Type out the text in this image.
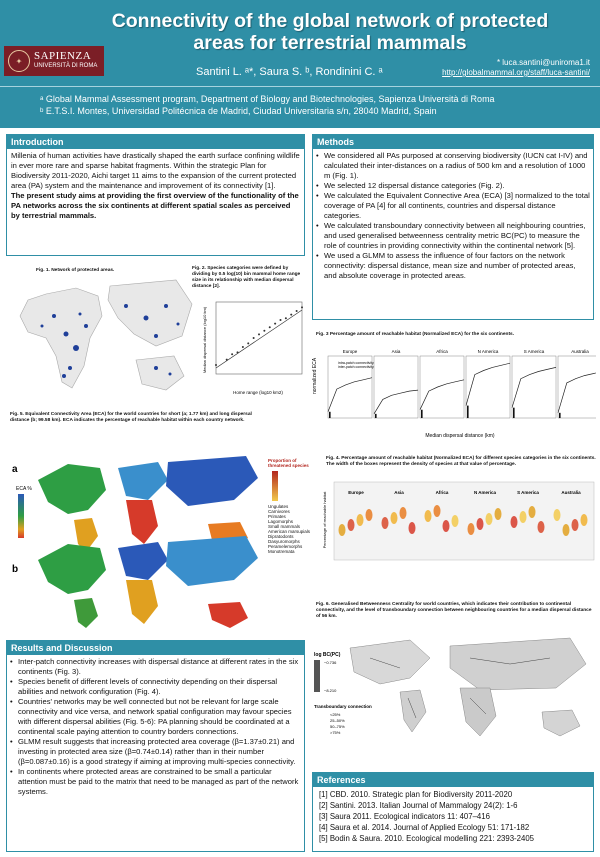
Connectivity of the global network of protected areas for terrestrial mammals
✦	SAPIENZA
UNIVERSITÀ DI ROMA	Santini L. ᵃ*, Saura S. ᵇ, Rondinini C. ᵃ
* luca.santini@uniroma1.it
http://globalmammal.org/staff/luca-santini/
ᵃ Global Mammal Assessment program, Department of Biology and Biotechnologies, Sapienza Università di Roma
ᵇ E.T.S.I. Montes, Universidad Politécnica de Madrid, Ciudad Universitaria s/n, 28040 Madrid, Spain
Introduction

Millenia of human activities have drastically shaped the earth surface confining wildlife in ever more rare and sparse habitat fragments. Within the strategic Plan for Biodiversity 2011-2020, Aichi target 11 aims to the expansion of the current protected area (PA) system and the maintenance and improvement of its connectivity [1].

The present study aims at providing the first overview of the functionality of the PA networks across the six continents at different spatial scales as perceived by terrestrial mammals.

Methods
• We considered all PAs purposed at conserving biodiversity (IUCN cat I-IV) and calculated their inter-distances on a radius of 500 km and a resolution of 1000 m (Fig. 1).
• We selected 12 dispersal distance categories (Fig. 2).
• We calculated the Equivalent Connective Area (ECA) [3] normalized to the total coverage of PA [4] for all continents, countries and dispersal distance categories.
• We calculated transboundary connectivity between all neighbouring countries, and used generalised betweenness centrality metric BC(PC) to measure the role of countries in providing connectivity within the continental network [5].
• We used a GLMM to assess the influence of four factors on the network connectivity: dispersal distance, mean size and number of protected areas, and absolute coverage in protected areas.
Fig. 1. Network of protected areas.	Fig. 2. Species categories were defined by dividing by 0.5 log(10) bin mammal home range size in its relationship with median dispersal distance [2].
Home range (log10 km2)
Median dispersal distance (log10 km)	Fig. 3 Percentage amount of reachable habitat (Normalized ECA) for the six continents.
normalized ECA
Europe	Asia	Africa	N America	S America	Australia
intra-patch connectivity
inter-patch connectivity
Median dispersal distance (km)
Fig. 5. Equivalent Connectivity Area (ECA) for the world countries for short (a; 1.77 km) and long dispersal distance (b; 99.58 km). ECA indicates the percentage of reachable habitat within each country network.
a
b
ECA %
Proportion of threatened species
Ungulates
Carnivores
Primates
Lagomorphs
Small mammals
American marsupials
Dipratodonts
Dasyuromorphs
Peramelemorphs
Monotremata
Fig. 4. Percentage amount of reachable habitat (Normalized ECA) for different species categories in the six continents. The width of the boxes represent the density of species at that value of percentage.
Percentage of reachable habitat	Europe	Asia	Africa	N America	S America	Australia
Fig. 6. Generalised Betweenness Centrality for world countries, which indicates their contribution to continental connectivity, and the level of transboundary connection between neighbouring countries for a median dispersal distance of 56 km.
log BC(PC)
−0.736
−8.210
Transboundary connection
<25%
25–50%
50–75%
>75%
Results and Discussion
• Inter-patch connectivity increases with dispersal distance at different rates in the six continents (Fig. 3).
• Species benefit of different levels of connectivity depending on their dispersal abilities and network configuration (Fig. 4).
• Countries' networks may be well connected but not be relevant for large scale connectivity and vice versa, and network spatial configuration may favour species with different dispersal abilities (Fig. 5-6): PA planning should be coordinated at a continental scale paying attention to country borders connections.
• GLMM result suggests that increasing protected area coverage (β=1.37±0.21) and investing in protected area size (β=0.74±0.14) rather than in their number (β=0.087±0.16) is a good strategy if aiming at improving multi-species connectivity.
• In continents where protected areas are constrained to be small a particular attention must be paid to the matrix that need to be managed as part of the network systems.
References
[1] CBD. 2010. Strategic plan for Biodiversity 2011-2020
[2] Santini. 2013. Italian Journal of Mammalogy 24(2): 1-6
[3] Saura 2011. Ecological indicators 11: 407–416
[4] Saura et al. 2014. Journal of Applied Ecology 51: 171-182
[5] Bodin & Saura. 2010. Ecological modelling 221: 2393-2405
